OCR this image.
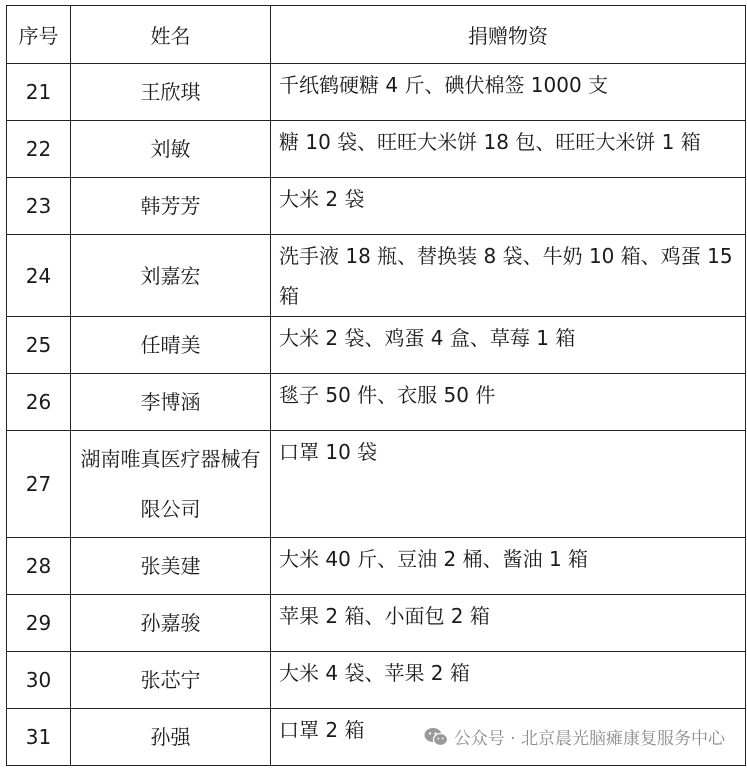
序号	姓名	捐赠物资
21	王欣琪	千纸鹤硬糖 4 斤、碘伏棉签 1000 支

22	刘敏	糖 10 袋、旺旺大米饼 18 包、旺旺大米饼 1 箱

23	韩芳芳	大米 2 袋

24	刘嘉宏	洗手液 18 瓶、替换装 8 袋、牛奶 10 箱、鸡蛋 15 箱

25	任晴美	大米 2 袋、鸡蛋 4 盒、草莓 1 箱

26	李博涵	毯子 50 件、衣服 50 件

27	湖南唯真医疗器械有限公司	口罩 10 袋

28	张美建	大米 40 斤、豆油 2 桶、酱油 1 箱

29	孙嘉骏	苹果 2 箱、小面包 2 箱

30	张芯宁	大米 4 袋、苹果 2 箱

31	孙强	口罩 2 箱	公众号 · 北京晨光脑瘫康复服务中心
